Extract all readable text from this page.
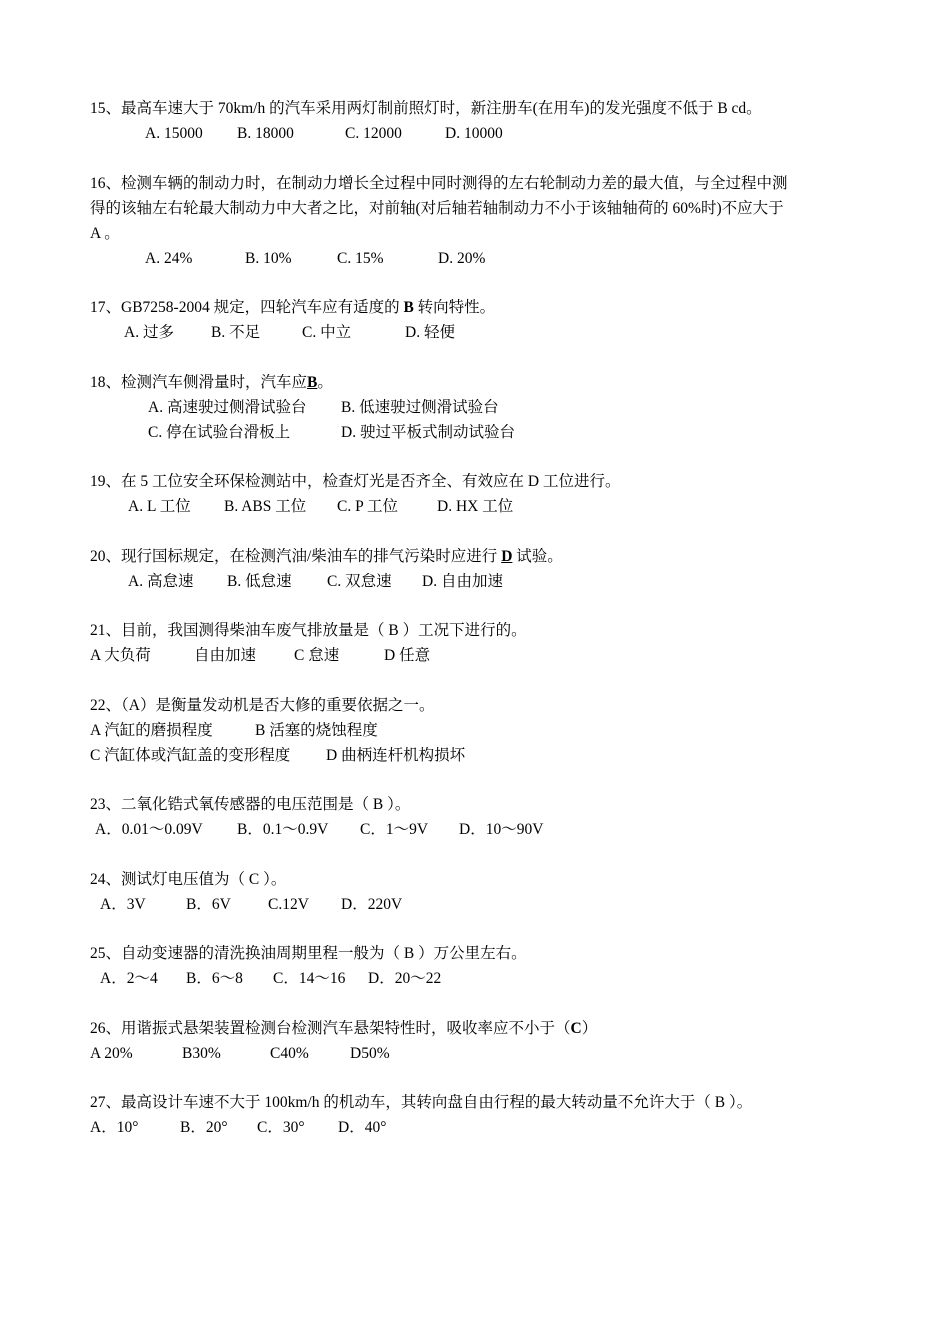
15、最高车速大于 70km/h 的汽车采用两灯制前照灯时，新注册车(在用车)的发光强度不低于 B cd。
A. 15000 B. 18000	C. 12000	D. 10000
16、检测车辆的制动力时，在制动力增长全过程中同时测得的左右轮制动力差的最大值，与全过程中测
得的该轴左右轮最大制动力中大者之比，对前轴(对后轴若轴制动力不小于该轴轴荷的 60%时)不应大于
A 。
A. 24%	B. 10%	C. 15%	D. 20%
17、GB7258-2004 规定，四轮汽车应有适度的 B 转向特性。
A. 过多 B. 不足	C. 中立	D. 轻便
18、检测汽车侧滑量时，汽车应B。
A. 高速驶过侧滑试验台 B. 低速驶过侧滑试验台
C. 停在试验台滑板上	D. 驶过平板式制动试验台
19、在 5 工位安全环保检测站中，检查灯光是否齐全、有效应在 D 工位进行。
A. L 工位 B. ABS 工位 C. P 工位	D. HX 工位
20、现行国标规定，在检测汽油/柴油车的排气污染时应进行 D 试验。
A. 高怠速 B. 低怠速 C. 双怠速 D. 自由加速
21、目前，我国测得柴油车废气排放量是（ B ）工况下进行的。
A 大负荷	自由加速 C 怠速	D 任意
22、（A）是衡量发动机是否大修的重要依据之一。
A 汽缸的磨损程度	B 活塞的烧蚀程度
C 汽缸体或汽缸盖的变形程度 D 曲柄连杆机构损坏
23、二氧化锆式氧传感器的电压范围是（ B ）。
A．0.01～0.09V B．0.1～0.9V C．1～9V D．10～90V
24、测试灯电压值为（ C ）。
A．3V	B．6V C.12V D．220V
25、自动变速器的清洗换油周期里程一般为（ B ）万公里左右。
A．2～4 B．6～8 C．14～16 D．20～22
26、用谐振式悬架装置检测台检测汽车悬架特性时，吸收率应不小于（C）
A 20%	B30%	C40%	D50%
27、最高设计车速不大于 100km/h 的机动车，其转向盘自由行程的最大转动量不允许大于（ B ）。
A．10°	B．20° C．30° D．40°
